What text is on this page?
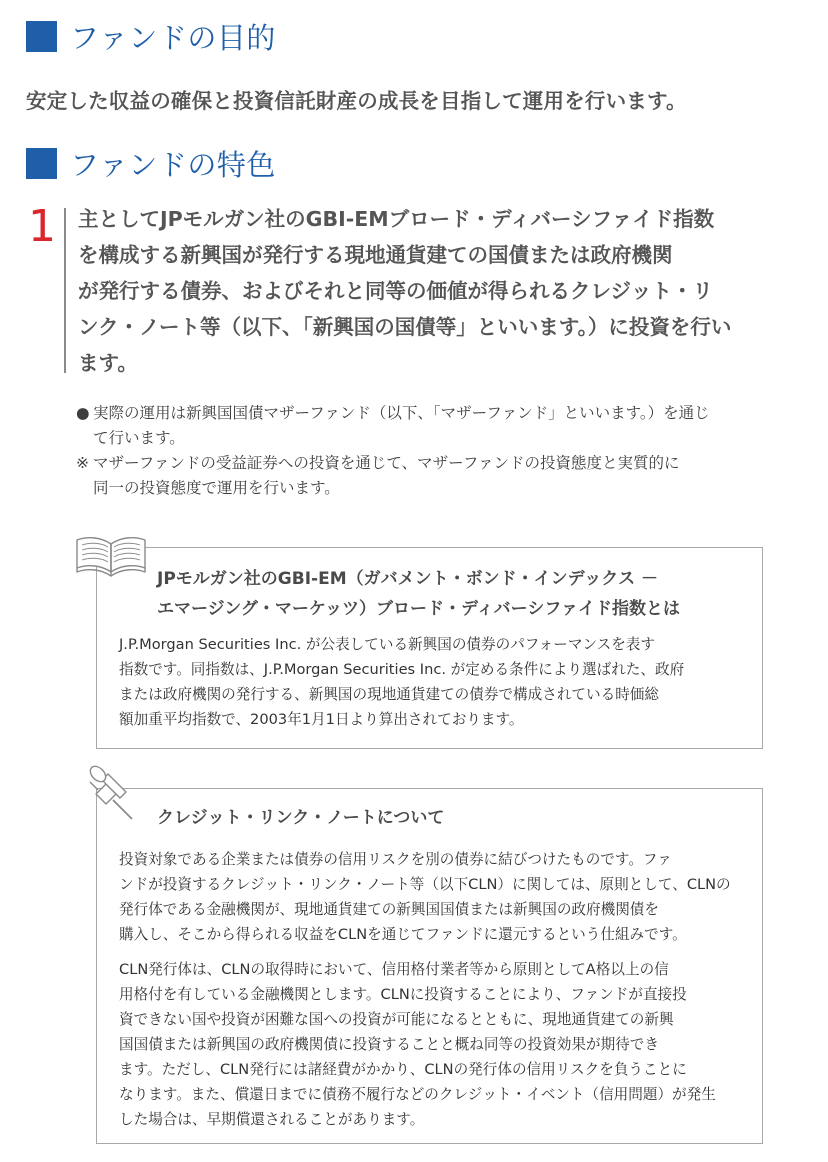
ファンドの目的
安定した収益の確保と投資信託財産の成長を目指して運用を行います。
ファンドの特色
1 主としてJPモルガン社のGBI-EMブロード・ディバーシファイド指数
を構成する新興国が発行する現地通貨建ての国債または政府機関
が発行する債券、およびそれと同等の価値が得られるクレジット・リ
ンク・ノート等（以下、「新興国の国債等」といいます。）に投資を行い
ます。
● 実際の運用は新興国国債マザーファンド（以下、「マザーファンド」といいます。）を通じ
て行います。
※ マザーファンドの受益証券への投資を通じて、マザーファンドの投資態度と実質的に
同一の投資態度で運用を行います。
JPモルガン社のGBI-EM（ガバメント・ボンド・インデックス －
エマージング・マーケッツ）ブロード・ディバーシファイド指数とは
J.P.Morgan Securities Inc. が公表している新興国の債券のパフォーマンスを表す
指数です。同指数は、J.P.Morgan Securities Inc. が定める条件により選ばれた、政府
または政府機関の発行する、新興国の現地通貨建ての債券で構成されている時価総
額加重平均指数で、2003年1月1日より算出されております。
クレジット・リンク・ノートについて
投資対象である企業または債券の信用リスクを別の債券に結びつけたものです。ファ
ンドが投資するクレジット・リンク・ノート等（以下CLN）に関しては、原則として、CLNの
発行体である金融機関が、現地通貨建ての新興国国債または新興国の政府機関債を
購入し、そこから得られる収益をCLNを通じてファンドに還元するという仕組みです。
CLN発行体は、CLNの取得時において、信用格付業者等から原則としてA格以上の信
用格付を有している金融機関とします。CLNに投資することにより、ファンドが直接投
資できない国や投資が困難な国への投資が可能になるとともに、現地通貨建ての新興
国国債または新興国の政府機関債に投資することと概ね同等の投資効果が期待でき
ます。ただし、CLN発行には諸経費がかかり、CLNの発行体の信用リスクを負うことに
なります。また、償還日までに債務不履行などのクレジット・イベント（信用問題）が発生
した場合は、早期償還されることがあります。
